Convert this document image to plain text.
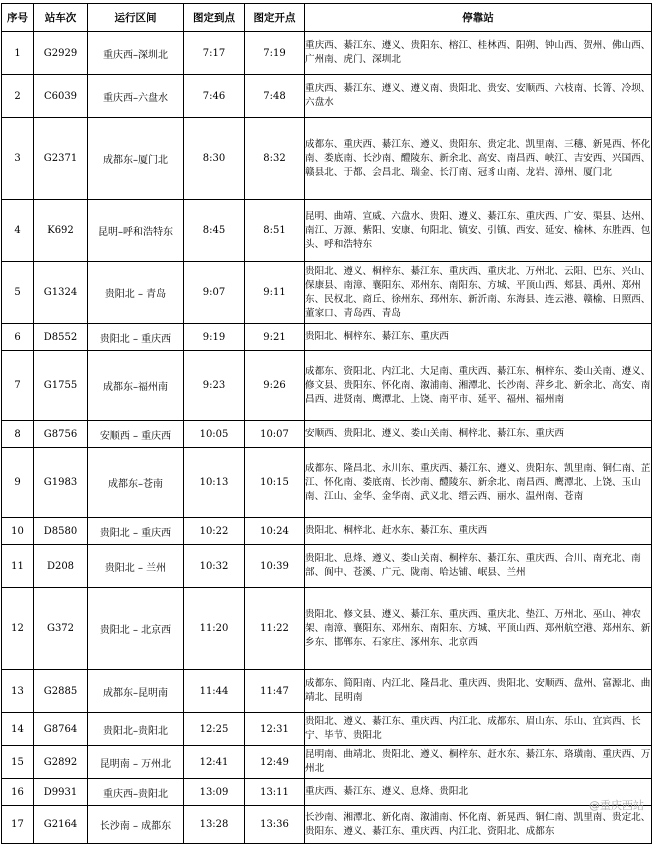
序号	站车次	运行区间	图定到点	图定开点	停靠站
1	G2929	重庆西–深圳北	7:17	7:19	重庆西、綦江东、遵义、贵阳东、榕江、桂林西、阳朔、钟山西、贺州、佛山西、广州南、虎门、深圳北
2	C6039	重庆西–六盘水	7:46	7:48	重庆西、綦江东、遵义、遵义南、贵阳北、贵安、安顺西、六枝南、长箐、冷坝、六盘水
3	G2371	成都东–厦门北	8:30	8:32	成都东、重庆西、綦江东、遵义、贵阳东、贵定北、凯里南、三穗、新晃西、怀化南、娄底南、长沙南、醴陵东、新余北、高安、南昌西、峡江、吉安西、兴国西、赣县北、于都、会昌北、瑞金、长汀南、冠豸山南、龙岩、漳州、厦门北
4	K692	昆明–呼和浩特东	8:45	8:51	昆明、曲靖、宣威、六盘水、贵阳、遵义、綦江东、重庆西、广安、渠县、达州、南江、万源、紫阳、安康、旬阳北、镇安、引镇、西安、延安、榆林、东胜西、包头、呼和浩特东
5	G1324	贵阳北 – 青岛	9:07	9:11	贵阳北、遵义、桐梓东、綦江东、重庆西、重庆北、万州北、云阳、巴东、兴山、保康县、南漳、襄阳东、邓州东、南阳东、方城、平顶山西、郏县、禹州、郑州东、民权北、商丘、徐州东、邳州东、新沂南、东海县、连云港、赣榆、日照西、董家口、青岛西、青岛
6	D8552	贵阳北 – 重庆西	9:19	9:21	贵阳北、桐梓东、綦江东、重庆西
7	G1755	成都东–福州南	9:23	9:26	成都东、资阳北、内江北、大足南、重庆西、綦江东、桐梓东、娄山关南、遵义、修文县、贵阳东、怀化南、溆浦南、湘潭北、长沙南、萍乡北、新余北、高安、南昌西、进贤南、鹰潭北、上饶、南平市、延平、福州、福州南
8	G8756	安顺西 – 重庆西	10:05	10:07	安顺西、贵阳北、遵义、娄山关南、桐梓北、綦江东、重庆西
9	G1983	成都东–苍南	10:13	10:15	成都东、隆昌北、永川东、重庆西、綦江东、遵义、贵阳东、凯里南、铜仁南、芷江、怀化南、娄底南、长沙南、醴陵东、新余北、南昌西、鹰潭北、上饶、玉山南、江山、金华、金华南、武义北、缙云西、丽水、温州南、苍南
10	D8580	贵阳北 – 重庆西	10:22	10:24	贵阳北、桐梓北、赶水东、綦江东、重庆西
11	D208	贵阳北 – 兰州	10:32	10:39	贵阳北、息烽、遵义、娄山关南、桐梓东、綦江东、重庆西、合川、南充北、南部、阆中、苍溪、广元、陇南、哈达铺、岷县、兰州
12	G372	贵阳北 – 北京西	11:20	11:22	贵阳北、修文县、遵义、綦江东、重庆西、重庆北、垫江、万州北、巫山、神农架、南漳、襄阳东、邓州东、南阳东、方城、平顶山西、郑州航空港、郑州东、新乡东、邯郸东、石家庄、涿州东、北京西
13	G2885	成都东–昆明南	11:44	11:47	成都东、简阳南、内江北、隆昌北、重庆西、贵阳北、安顺西、盘州、富源北、曲靖北、昆明南
14	G8764	贵阳北–贵阳北	12:25	12:31	贵阳北、遵义、綦江东、重庆西、内江北、成都东、眉山东、乐山、宜宾西、长宁、毕节、贵阳北
15	G2892	昆明南 – 万州北	12:41	12:49	昆明南、曲靖北、贵阳北、遵义、桐梓东、赶水东、綦江东、珞璜南、重庆西、万州北
16	D9931	重庆西–贵阳北	13:09	13:11	重庆西、綦江东、遵义、息烽、贵阳北
17	G2164	长沙南 – 成都东	13:28	13:36	长沙南、湘潭北、新化南、溆浦南、怀化南、新晃西、铜仁南、凯里南、贵定北、贵阳东、遵义、綦江东、重庆西、内江北、资阳北、成都东
@重庆西站
